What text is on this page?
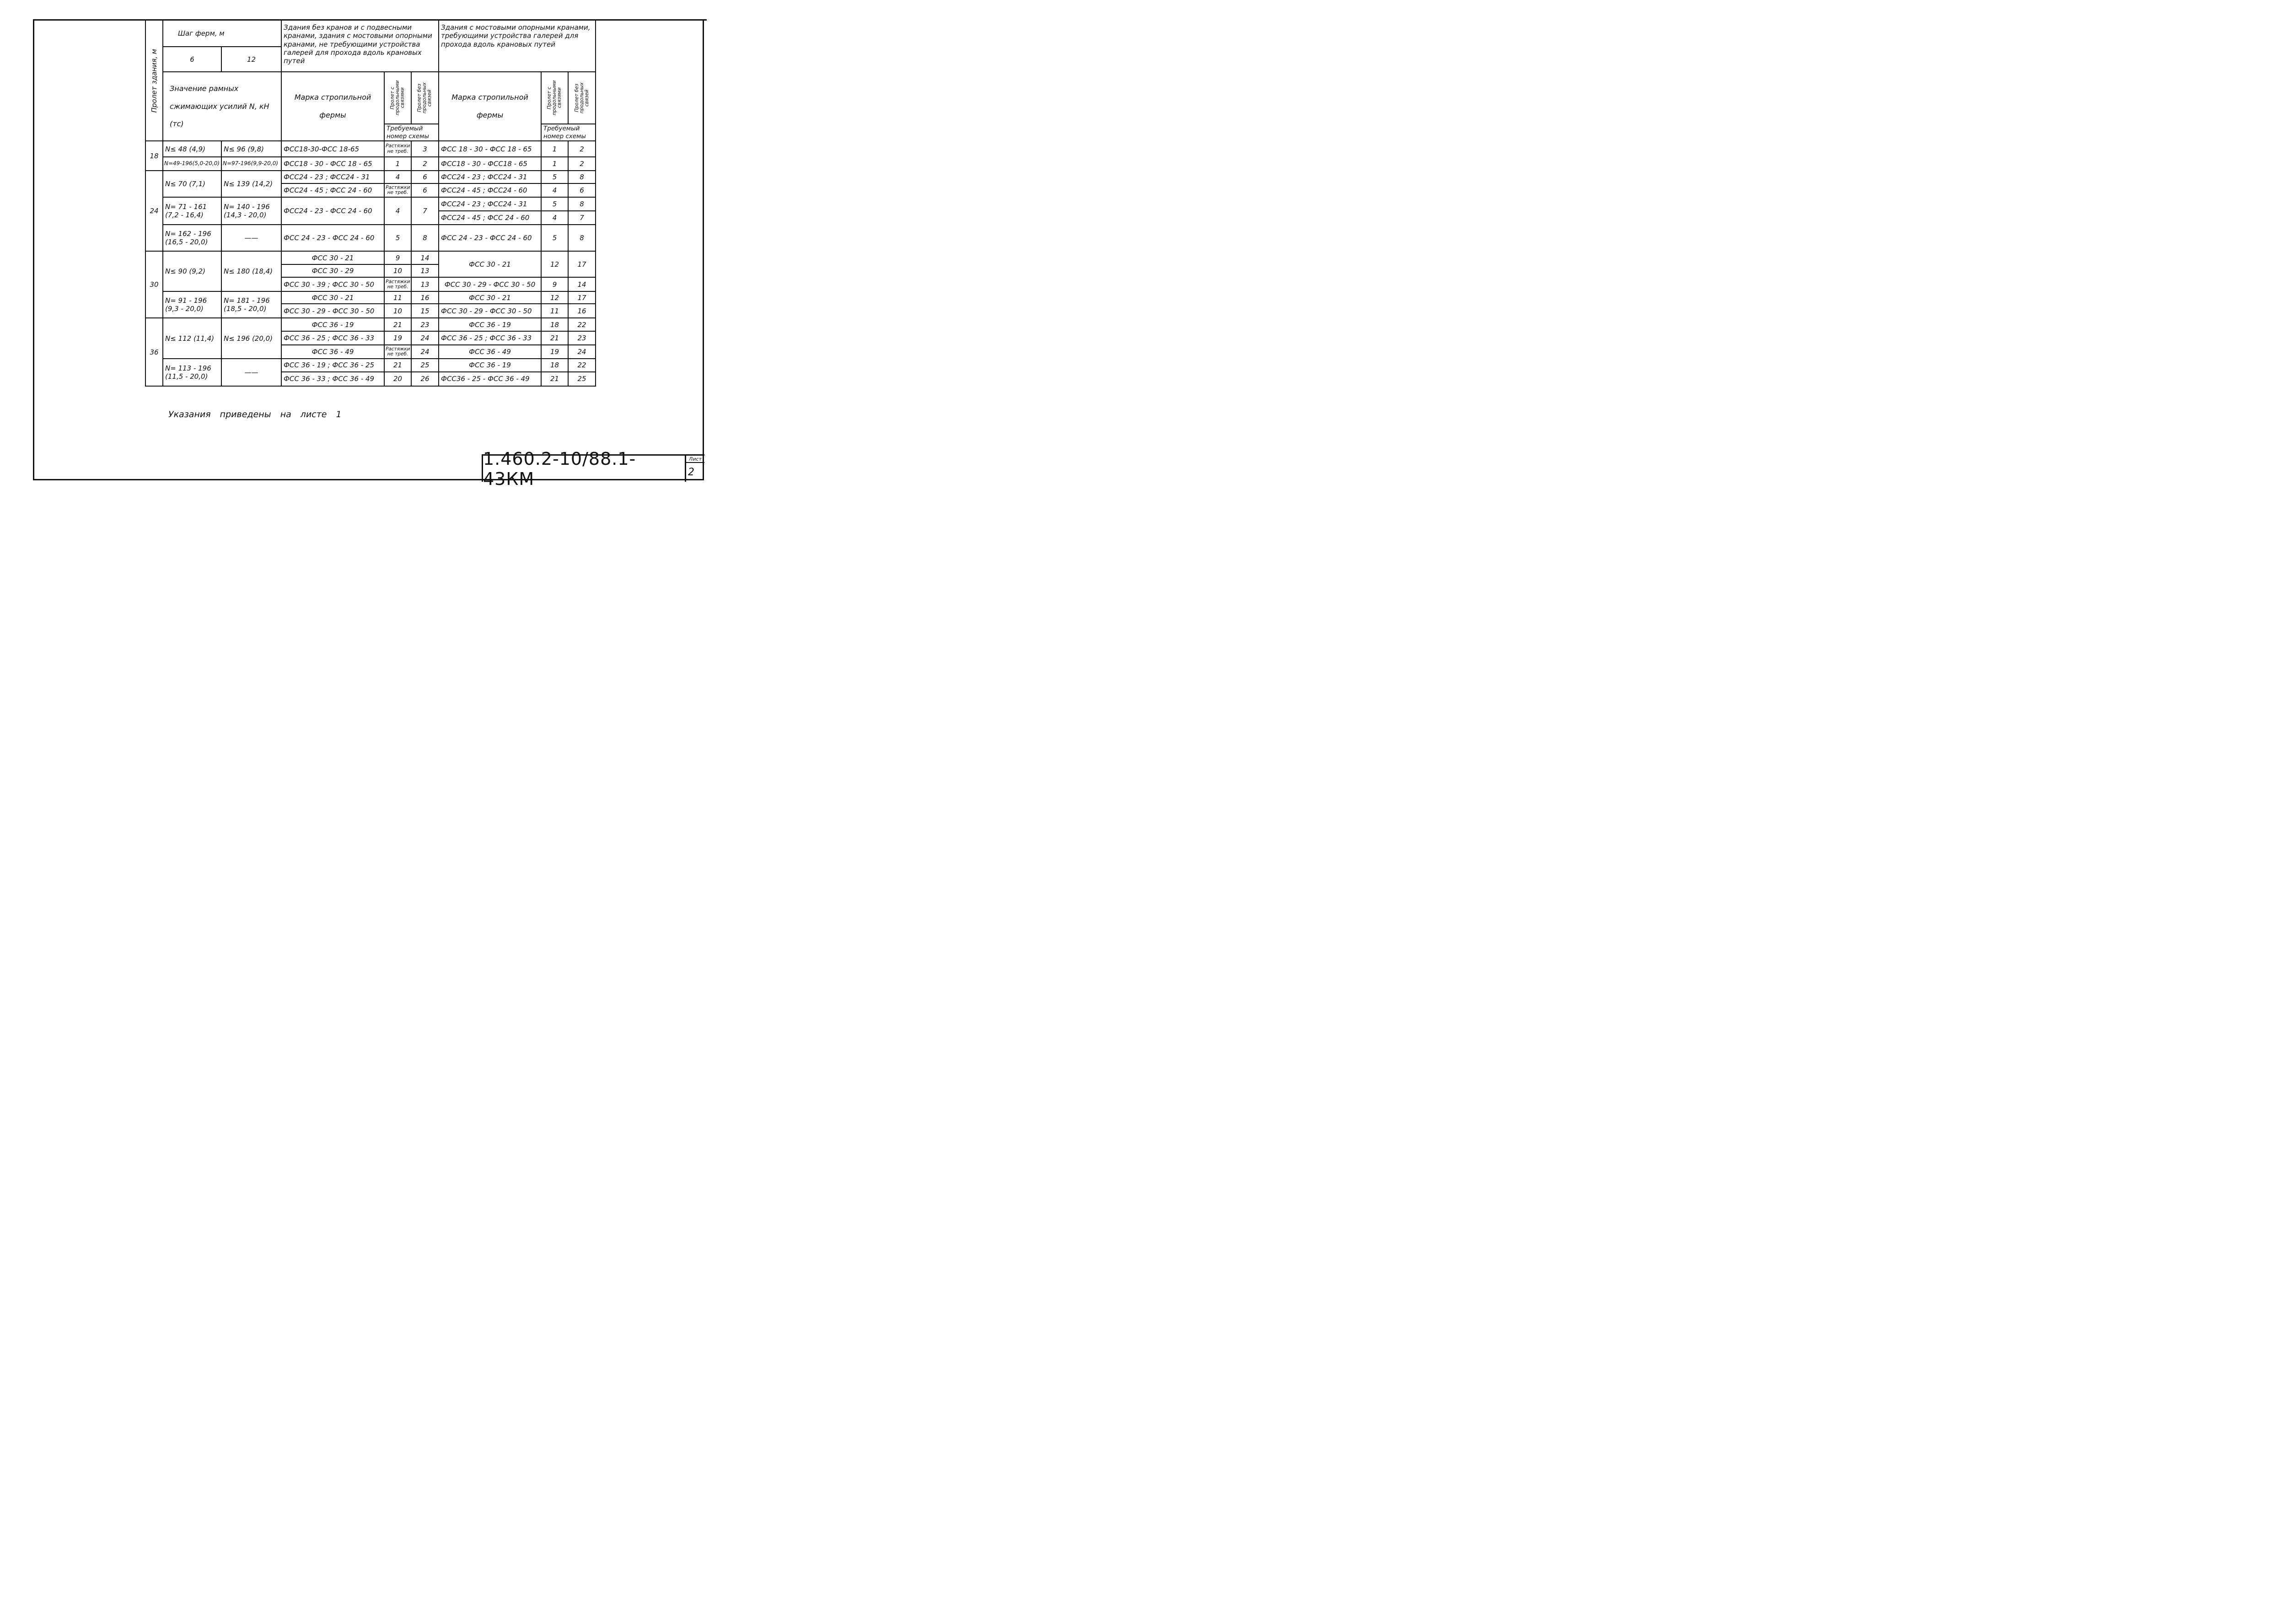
Пролет здания, м	Шаг ферм, м		Здания без кранов и с подвесными кранами, здания с мостовыми опорными кранами, не требующими устройства галерей для прохода вдоль крановых путей			Здания с мостовыми опорными кранами, требующими устройства галерей для прохода вдоль крановых путей		
	6	12						
	Значение рамных сжимающих усилий N, кН (тс)		Марка стропильной фермы	Пролет с продольными связями	Пролет без продольных связей	Марка стропильной фермы	Пролет с продольными связями	Пролет без продольных связей

				Требуемый номер схемы			Требуемый номер схемы	
18	N≤ 48 (4,9)	N≤ 96 (9,8)	ФСС18-30-ФСС 18-65	Растяжки не треб.	3	ФСС 18 - 30 - ФСС 18 - 65	1	2
	N=49-196(5,0-20,0)	N=97-196(9,9-20,0)	ФСС18 - 30 - ФСС 18 - 65	1	2	ФСС18 - 30 - ФСС18 - 65	1	2
24	N≤ 70 (7,1)	N≤ 139 (14,2)	ФСС24 - 23 ; ФСС24 - 31	4	6	ФСС24 - 23 ; ФСС24 - 31	5	8
			ФСС24 - 45 ; ФСС 24 - 60	Растяжки не треб.	6	ФСС24 - 45 ; ФСС24 - 60	4	6
	N= 71 - 161 (7,2 - 16,4)	N= 140 - 196 (14,3 - 20,0)	ФСС24 - 23 - ФСС 24 - 60	4	7	ФСС24 - 23 ; ФСС24 - 31	5	8
						ФСС24 - 45 ; ФСС 24 - 60	4	7
	N= 162 - 196 (16,5 - 20,0)	——	ФСС 24 - 23 - ФСС 24 - 60	5	8	ФСС 24 - 23 - ФСС 24 - 60	5	8
30	N≤ 90 (9,2)	N≤ 180 (18,4)	ФСС 30 - 21	9	14	ФСС 30 - 21	12	17
			ФСС 30 - 29	10	13			
			ФСС 30 - 39 ; ФСС 30 - 50	Растяжки не треб.	13	ФСС 30 - 29 - ФСС 30 - 50	9	14
	N= 91 - 196 (9,3 - 20,0)	N= 181 - 196 (18,5 - 20,0)	ФСС 30 - 21	11	16	ФСС 30 - 21	12	17
			ФСС 30 - 29 - ФСС 30 - 50	10	15	ФСС 30 - 29 - ФСС 30 - 50	11	16
36	N≤ 112 (11,4)	N≤ 196 (20,0)	ФСС 36 - 19	21	23	ФСС 36 - 19	18	22
			ФСС 36 - 25 ; ФСС 36 - 33	19	24	ФСС 36 - 25 ; ФСС 36 - 33	21	23
			ФСС 36 - 49	Растяжки не треб.	24	ФСС 36 - 49	19	24
	N= 113 - 196 (11,5 - 20,0)	——	ФСС 36 - 19 ; ФСС 36 - 25	21	25	ФСС 36 - 19	18	22
			ФСС 36 - 33 ; ФСС 36 - 49	20	26	ФСС36 - 25 - ФСС 36 - 49	21	25
Указания приведены на листе 1
1.460.2-10/88.1-43КМ
Лист
2
